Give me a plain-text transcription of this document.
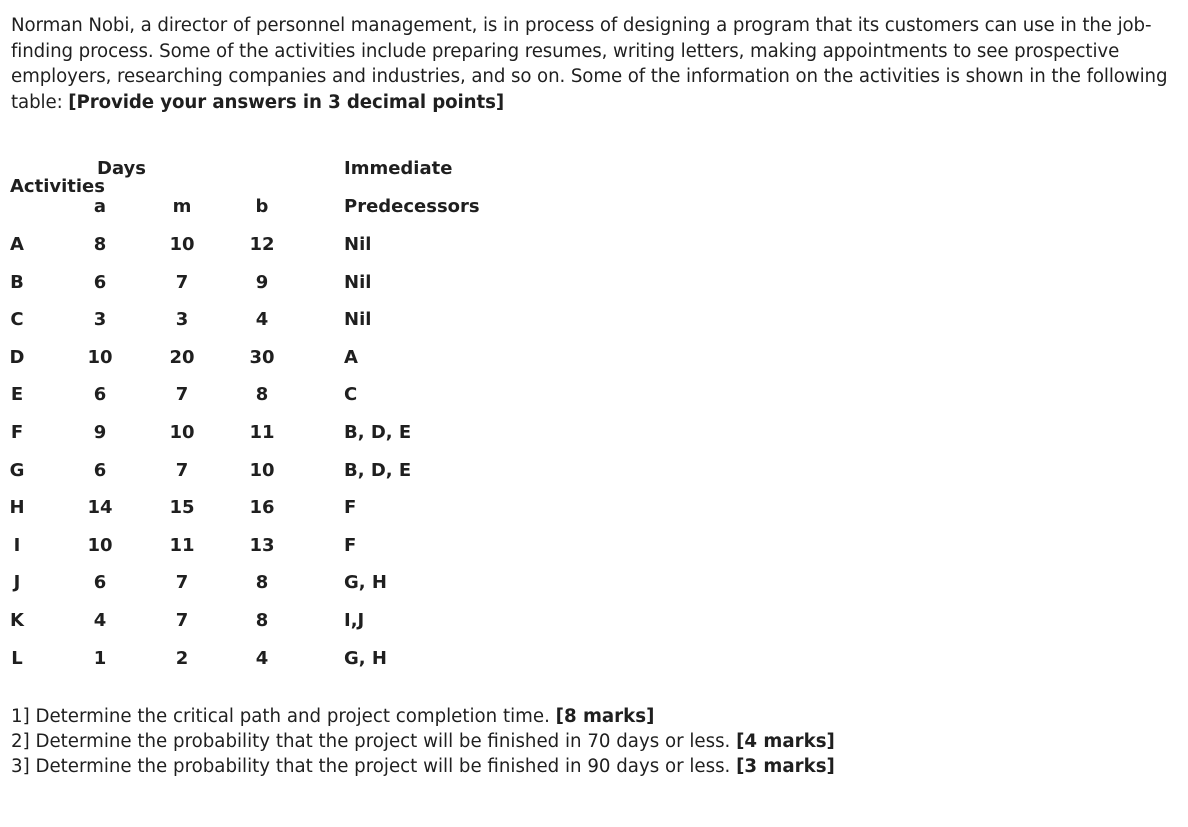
Norman Nobi, a director of personnel management, is in process of designing a program that its customers can use in the job-finding process. Some of the activities include preparing resumes, writing letters, making appointments to see prospective employers, researching companies and industries, and so on. Some of the information on the activities is shown in the following table: [Provide your answers in 3 decimal points]
Days	Immediate
Activities
a	m	b	Predecessors
A	8	10	12	Nil
B	6	7	9	Nil
C	3	3	4	Nil
D	10	20	30	A
E	6	7	8	C
F	9	10	11	B, D, E
G	6	7	10	B, D, E
H	14	15	16	F
I	10	11	13	F
J	6	7	8	G, H
K	4	7	8	I,J
L	1	2	4	G, H
1] Determine the critical path and project completion time. [8 marks]
2] Determine the probability that the project will be finished in 70 days or less. [4 marks]
3] Determine the probability that the project will be finished in 90 days or less. [3 marks]
